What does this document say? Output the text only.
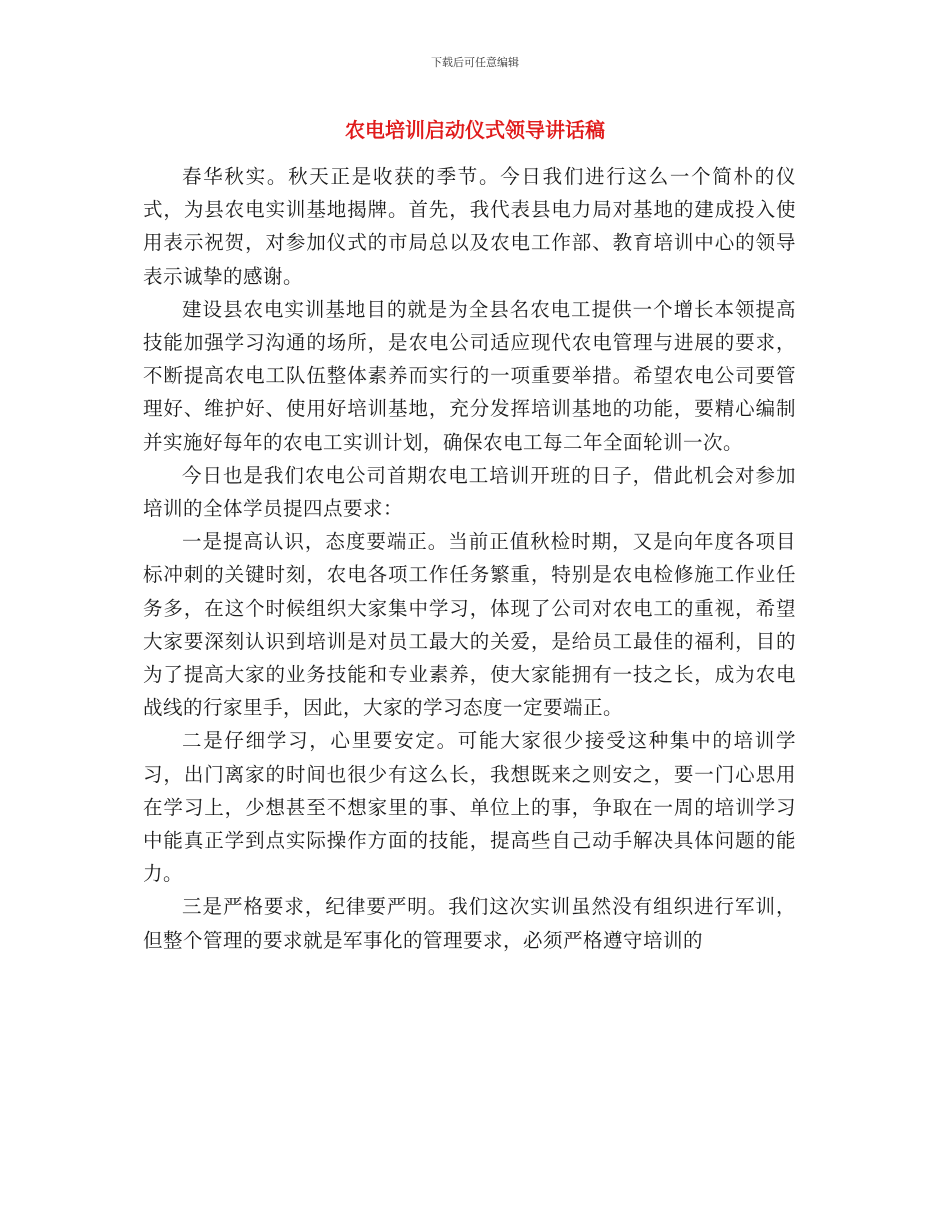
下载后可任意编辑
农电培训启动仪式领导讲话稿

春华秋实。秋天正是收获的季节。今日我们进行这么一个简朴的仪式，为县农电实训基地揭牌。首先，我代表县电力局对基地的建成投入使用表示祝贺，对参加仪式的市局总以及农电工作部、教育培训中心的领导表示诚挚的感谢。

建设县农电实训基地目的就是为全县名农电工提供一个增长本领提高技能加强学习沟通的场所，是农电公司适应现代农电管理与进展的要求，不断提高农电工队伍整体素养而实行的一项重要举措。希望农电公司要管理好、维护好、使用好培训基地，充分发挥培训基地的功能，要精心编制并实施好每年的农电工实训计划，确保农电工每二年全面轮训一次。

今日也是我们农电公司首期农电工培训开班的日子，借此机会对参加培训的全体学员提四点要求：

一是提高认识，态度要端正。当前正值秋检时期，又是向年度各项目标冲刺的关键时刻，农电各项工作任务繁重，特别是农电检修施工作业任务多，在这个时候组织大家集中学习，体现了公司对农电工的重视，希望大家要深刻认识到培训是对员工最大的关爱，是给员工最佳的福利，目的为了提高大家的业务技能和专业素养，使大家能拥有一技之长，成为农电战线的行家里手，因此，大家的学习态度一定要端正。

二是仔细学习，心里要安定。可能大家很少接受这种集中的培训学习，出门离家的时间也很少有这么长，我想既来之则安之，要一门心思用在学习上，少想甚至不想家里的事、单位上的事，争取在一周的培训学习中能真正学到点实际操作方面的技能，提高些自己动手解决具体问题的能力。

三是严格要求，纪律要严明。我们这次实训虽然没有组织进行军训，但整个管理的要求就是军事化的管理要求，必须严格遵守培训的
